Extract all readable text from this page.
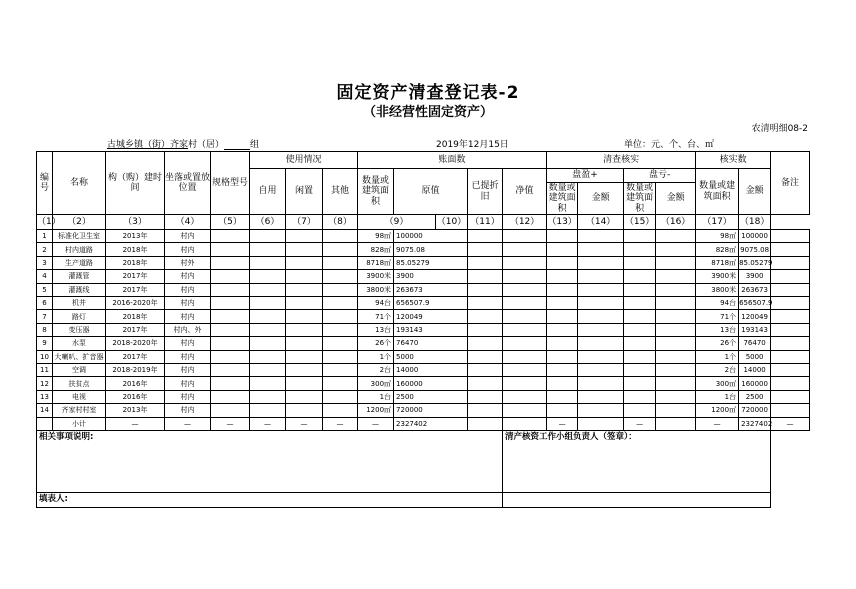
固定资产清查登记表-2
（非经营性固定资产）
农清明细08-2
古城乡镇（街）齐家村（居）	组	2019年12月15日	单位：元、个、台、㎡
编号	名称	构（购）建时间	坐落或置放位置	规格型号	使用情况			账面数					清查核实				核实数		备注
					自用	闲置	其他	数量或建筑面积	原值		已提折旧	净值	盘盈+		盘亏-		数量或建筑面积	金额	
													数量或建筑面积	金额	数量或建筑面积	金额			
（1）	（2）	（3）	（4）	（5）	（6）	（7）	（8）	（9）		（10）	（11）	（12）	（13）	（14）	（15）	（16）	（17）	（18）	
1	标准化卫生室	2013年	村内					98㎡	100000								98㎡	100000	
2	村内道路	2018年	村内					828㎡	9075.08								828㎡	9075.08	
3	生产道路	2018年	村外					8718㎡	85.05279								8718㎡	85.05279	
4	灌溉管	2017年	村内					3900米	3900								3900米	3900	
5	灌溉线	2017年	村内					3800米	263673								3800米	263673	
6	机井	2016-2020年	村内					94台	656507.9								94台	656507.9	
7	路灯	2018年	村内					71个	120049								71个	120049	
8	变压器	2017年	村内、外					13台	193143								13台	193143	
9	水泵	2018-2020年	村内					26个	76470								26个	76470	
10	大喇叭、扩音器	2017年	村内					1个	5000								1个	5000	
11	空调	2018-2019年	村内					2台	14000								2台	14000	
12	扶贫点	2016年	村内					300㎡	160000								300㎡	160000	
13	电视	2016年	村内					1台	2500								1台	2500	
14	齐家村村室	2013年	村内					1200㎡	720000								1200㎡	720000	
	小计	—	—	—	—	—	—	—	2327402				—		—		—	2327402	—
相关事项说明:												清产核资工作小组负责人（签章）：							
填表人:																			
